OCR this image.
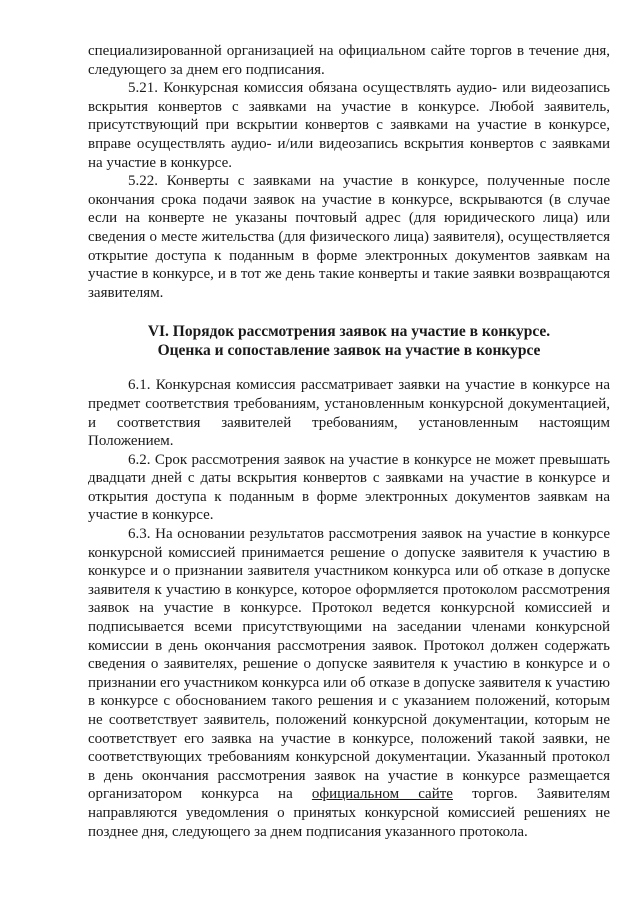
специализированной организацией на официальном сайте торгов в течение дня, следующего за днем его подписания.

5.21. Конкурсная комиссия обязана осуществлять аудио- или видеозапись вскрытия конвертов с заявками на участие в конкурсе. Любой заявитель, присутствующий при вскрытии конвертов с заявками на участие в конкурсе, вправе осуществлять аудио- и/или видеозапись вскрытия конвертов с заявками на участие в конкурсе.

5.22. Конверты с заявками на участие в конкурсе, полученные после окончания срока подачи заявок на участие в конкурсе, вскрываются (в случае если на конверте не указаны почтовый адрес (для юридического лица) или сведения о месте жительства (для физического лица) заявителя), осуществляется открытие доступа к поданным в форме электронных документов заявкам на участие в конкурсе, и в тот же день такие конверты и такие заявки возвращаются заявителям.

VI. Порядок рассмотрения заявок на участие в конкурсе.

Оценка и сопоставление заявок на участие в конкурсе

6.1. Конкурсная комиссия рассматривает заявки на участие в конкурсе на предмет соответствия требованиям, установленным конкурсной документацией, и соответствия заявителей требованиям, установленным настоящим Положением.

6.2. Срок рассмотрения заявок на участие в конкурсе не может превышать двадцати дней с даты вскрытия конвертов с заявками на участие в конкурсе и открытия доступа к поданным в форме электронных документов заявкам на участие в конкурсе.

6.3. На основании результатов рассмотрения заявок на участие в конкурсе конкурсной комиссией принимается решение о допуске заявителя к участию в конкурсе и о признании заявителя участником конкурса или об отказе в допуске заявителя к участию в конкурсе, которое оформляется протоколом рассмотрения заявок на участие в конкурсе. Протокол ведется конкурсной комиссией и подписывается всеми присутствующими на заседании членами конкурсной комиссии в день окончания рассмотрения заявок. Протокол должен содержать сведения о заявителях, решение о допуске заявителя к участию в конкурсе и о признании его участником конкурса или об отказе в допуске заявителя к участию в конкурсе с обоснованием такого решения и с указанием положений, которым не соответствует заявитель, положений конкурсной документации, которым не соответствует его заявка на участие в конкурсе, положений такой заявки, не соответствующих требованиям конкурсной документации. Указанный протокол в день окончания рассмотрения заявок на участие в конкурсе размещается организатором конкурса на официальном сайте торгов. Заявителям направляются уведомления о принятых конкурсной комиссией решениях не позднее дня, следующего за днем подписания указанного протокола.
